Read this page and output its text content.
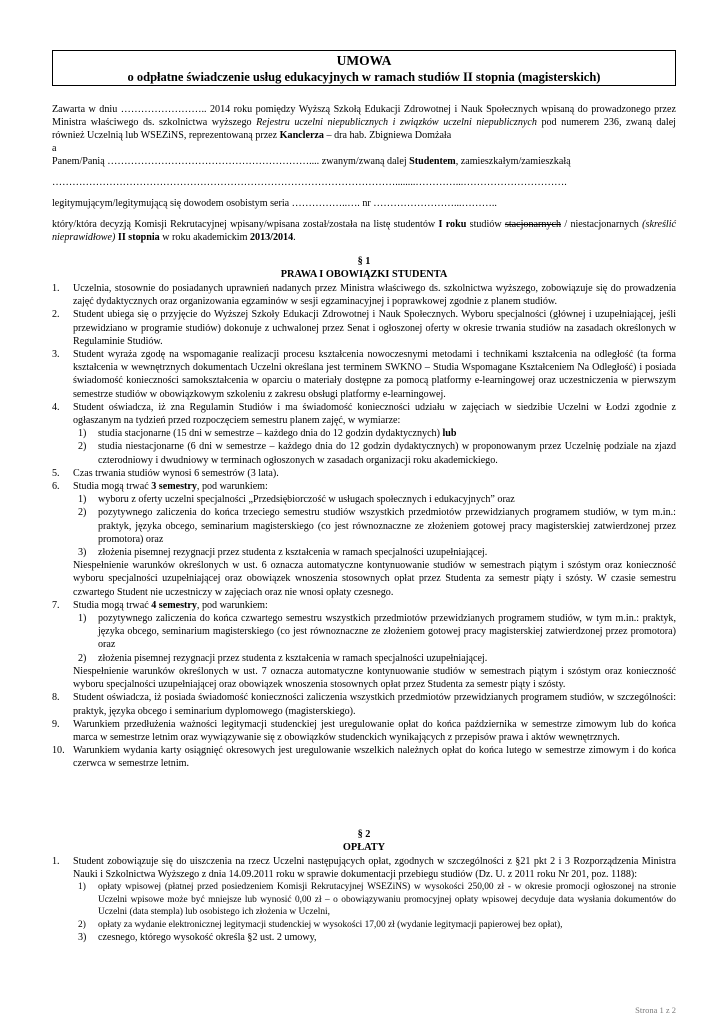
UMOWA
o odpłatne świadczenie usług edukacyjnych w ramach studiów II stopnia (magisterskich)
Zawarta w dniu …………………….. 2014 roku pomiędzy Wyższą Szkołą Edukacji Zdrowotnej i Nauk Społecznych wpisaną do prowadzonego przez Ministra właściwego ds. szkolnictwa wyższego Rejestru uczelni niepublicznych i związków uczelni niepublicznych pod numerem 236, zwaną dalej również Uczelnią lub WSEZiNS, reprezentowaną przez Kanclerza – dra hab. Zbigniewa Domżała
a
Panem/Panią …………………………………………………….... zwanym/zwaną dalej Studentem, zamieszkałym/zamieszkałą
…………………………………………………………………………………………........…………...………………………….
legitymującym/legitymującą się dowodem osobistym seria ……………..…. nr ……………………...………..
który/która decyzją Komisji Rekrutacyjnej wpisany/wpisana został/została na listę studentów I roku studiów stacjonarnych / niestacjonarnych (skreślić nieprawidłowe) II stopnia w roku akademickim 2013/2014.
§ 1
PRAWA I OBOWIĄZKI STUDENTA
1.	Uczelnia, stosownie do posiadanych uprawnień nadanych przez Ministra właściwego ds. szkolnictwa wyższego, zobowiązuje się do prowadzenia zajęć dydaktycznych oraz organizowania egzaminów w sesji egzaminacyjnej i poprawkowej zgodnie z planem studiów.
2.	Student ubiega się o przyjęcie do Wyższej Szkoły Edukacji Zdrowotnej i Nauk Społecznych. Wyboru specjalności (głównej i uzupełniającej, jeśli przewidziano w programie studiów) dokonuje z uchwalonej przez Senat i ogłoszonej oferty w okresie trwania studiów na zasadach określonych w Regulaminie Studiów.
3.	Student wyraża zgodę na wspomaganie realizacji procesu kształcenia nowoczesnymi metodami i technikami kształcenia na odległość (ta forma kształcenia w wewnętrznych dokumentach Uczelni określana jest terminem SWKNO – Studia Wspomagane Kształceniem Na Odległość) i posiada świadomość konieczności samokształcenia w oparciu o materiały dostępne za pomocą platformy e-learningowej oraz uczestniczenia w pierwszym semestrze studiów w obowiązkowym szkoleniu z zakresu obsługi platformy e-learningowej.
4.	Student oświadcza, iż zna Regulamin Studiów i ma świadomość konieczności udziału w zajęciach w siedzibie Uczelni w Łodzi zgodnie z ogłaszanym na tydzień przed rozpoczęciem semestru planem zajęć, w wymiarze:
1) studia stacjonarne (15 dni w semestrze – każdego dnia do 12 godzin dydaktycznych) lub
2) studia niestacjonarne (6 dni w semestrze – każdego dnia do 12 godzin dydaktycznych) w proponowanym przez Uczelnię podziale na zjazd czterodniowy i dwudniowy w terminach ogłoszonych w zasadach organizacji roku akademickiego.
5.	Czas trwania studiów wynosi 6 semestrów (3 lata).
6.	Studia mogą trwać 3 semestry, pod warunkiem:
1) wyboru z oferty uczelni specjalności „Przedsiębiorczość w usługach społecznych i edukacyjnych” oraz
2) pozytywnego zaliczenia do końca trzeciego semestru studiów wszystkich przedmiotów przewidzianych programem studiów, w tym m.in.: praktyk, języka obcego, seminarium magisterskiego (co jest równoznaczne ze złożeniem gotowej pracy magisterskiej zatwierdzonej przez promotora) oraz
3) złożenia pisemnej rezygnacji przez studenta z kształcenia w ramach specjalności uzupełniającej.
Niespełnienie warunków określonych w ust. 6 oznacza automatyczne kontynuowanie studiów w semestrach piątym i szóstym oraz konieczność wyboru specjalności uzupełniającej oraz obowiązek wnoszenia stosownych opłat przez Studenta za semestr piąty i szósty. W czasie semestru czwartego Student nie uczestniczy w zajęciach oraz nie wnosi opłaty czesnego.
7.	Studia mogą trwać 4 semestry, pod warunkiem:
1) pozytywnego zaliczenia do końca czwartego semestru wszystkich przedmiotów przewidzianych programem studiów, w tym m.in.: praktyk, języka obcego, seminarium magisterskiego (co jest równoznaczne ze złożeniem gotowej pracy magisterskiej zatwierdzonej przez promotora) oraz
2) złożenia pisemnej rezygnacji przez studenta z kształcenia w ramach specjalności uzupełniającej.
Niespełnienie warunków określonych w ust. 7 oznacza automatyczne kontynuowanie studiów w semestrach piątym i szóstym oraz konieczność wyboru specjalności uzupełniającej oraz obowiązek wnoszenia stosownych opłat przez Studenta za semestr piąty i szósty.
8.	Student oświadcza, iż posiada świadomość konieczności zaliczenia wszystkich przedmiotów przewidzianych programem studiów, w szczególności: praktyk, języka obcego i seminarium dyplomowego (magisterskiego).
9.	Warunkiem przedłużenia ważności legitymacji studenckiej jest uregulowanie opłat do końca października w semestrze zimowym lub do końca marca w semestrze letnim oraz wywiązywanie się z obowiązków studenckich wynikających z przepisów prawa i aktów wewnętrznych.
10. Warunkiem wydania karty osiągnięć okresowych jest uregulowanie wszelkich należnych opłat do końca lutego w semestrze zimowym i do końca czerwca w semestrze letnim.
§ 2
OPŁATY
1.	Student zobowiązuje się do uiszczenia na rzecz Uczelni następujących opłat, zgodnych w szczególności z §21 pkt 2 i 3 Rozporządzenia Ministra Nauki i Szkolnictwa Wyższego z dnia 14.09.2011 roku w sprawie dokumentacji przebiegu studiów (Dz. U. z 2011 roku Nr 201, poz. 1188):
1) opłaty wpisowej (płatnej przed posiedzeniem Komisji Rekrutacyjnej WSEZiNS) w wysokości 250,00 zł - w okresie promocji ogłoszonej na stronie Uczelni wpisowe może być mniejsze lub wynosić 0,00 zł – o obowiązywaniu promocyjnej opłaty wpisowej decyduje data wysłania dokumentów do Uczelni (data stempla) lub osobistego ich złożenia w Uczelni,
2) opłaty za wydanie elektronicznej legitymacji studenckiej w wysokości 17,00 zł (wydanie legitymacji papierowej bez opłat),
3) czesnego, którego wysokość określa §2 ust. 2 umowy,
Strona 1 z 2
